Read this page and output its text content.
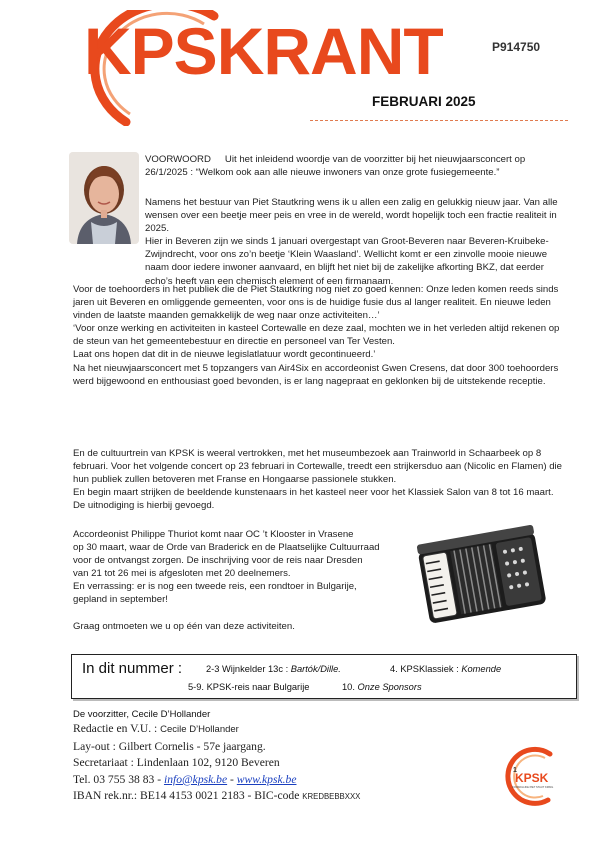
KPSKRANT	P914750
FEBRUARI 2025
VOORWOORD Uit het inleidend woordje van de voorzitter bij het nieuwjaarsconcert op 26/1/2025 : “Welkom ook aan alle nieuwe inwoners van onze grote fusiegemeente.”
Namens het bestuur van Piet Stautkring wens ik u allen een zalig en gelukkig nieuw jaar. Van alle wensen over een beetje meer peis en vree in de wereld, wordt hopelijk toch een fractie realiteit in 2025.
Hier in Beveren zijn we sinds 1 januari overgestapt van Groot-Beveren naar Beveren-Kruibeke-Zwijndrecht, voor ons zo’n beetje ‘Klein Waasland’. Wellicht komt er een zinvolle mooie nieuwe naam door iedere inwoner aanvaard, en blijft het niet bij de zakelijke afkorting BKZ, dat eerder echo’s heeft van een chemisch element of een firmanaam.
Voor de toehoorders in het publiek die de Piet Stautkring nog niet zo goed kennen: Onze leden komen reeds sinds jaren uit Beveren en omliggende gemeenten, voor ons is de huidige fusie dus al langer realiteit. En nieuwe leden vinden de laatste maanden gemakkelijk de weg naar onze activiteiten…’
‘Voor onze werking en activiteiten in kasteel Cortewalle en deze zaal, mochten we in het verleden altijd rekenen op de steun van het gemeentebestuur en directie en personeel van Ter Vesten.
Laat ons hopen dat dit in de nieuwe legislatlatuur wordt gecontinueerd.’
Na het nieuwjaarsconcert met 5 topzangers van Air4Six en accordeonist Gwen Cresens, dat door 300 toehoorders werd bijgewoond en enthousiast goed bevonden, is er lang nagepraat en geklonken bij de uitstekende receptie.
En de cultuurtrein van KPSK is weeral vertrokken, met het museumbezoek aan Trainworld in Schaarbeek op 8 februari. Voor het volgende concert op 23 februari in Cortewalle, treedt een strijkersduo aan (Nicolic en Flamen) die hun publiek zullen betoveren met Franse en Hongaarse passionele stukken.
En begin maart strijken de beeldende kunstenaars in het kasteel neer voor het Klassiek Salon van 8 tot 16 maart. De uitnodiging is hierbij gevoegd.
Accordeonist Philippe Thuriot komt naar OC ’t Klooster in Vrasene
op 30 maart, waar de Orde van Braderick en de Plaatselijke Cultuurraad
voor de ontvangst zorgen. De inschrijving voor de reis naar Dresden
van 21 tot 26 mei is afgesloten met 20 deelnemers.
En verrassing: er is nog een tweede reis, een rondtoer in Bulgarije,
gepland in september!
Graag ontmoeten we u op één van deze activiteiten.
In dit nummer :	2-3 Wijnkelder 13c : Bartók/Dille.	4. KPSKlassiek : Komende
5-9. KPSK-reis naar Bulgarije	10. Onze Sponsors
De voorzitter, Cecile D’Hollander
Redactie en V.U. : Cecile D’Hollander
Lay-out : Gilbert Cornelis - 57e jaargang.
Secretariaat : Lindenlaan 102, 9120 Beveren
Tel. 03 755 38 83 - info@kpsk.be - www.kpsk.be
IBAN rek.nr.: BE14 4153 0021 2183 - BIC-code KREDBEBBXXX
1
KPSK
KONINKLIJKE PIET STAUT KRING
